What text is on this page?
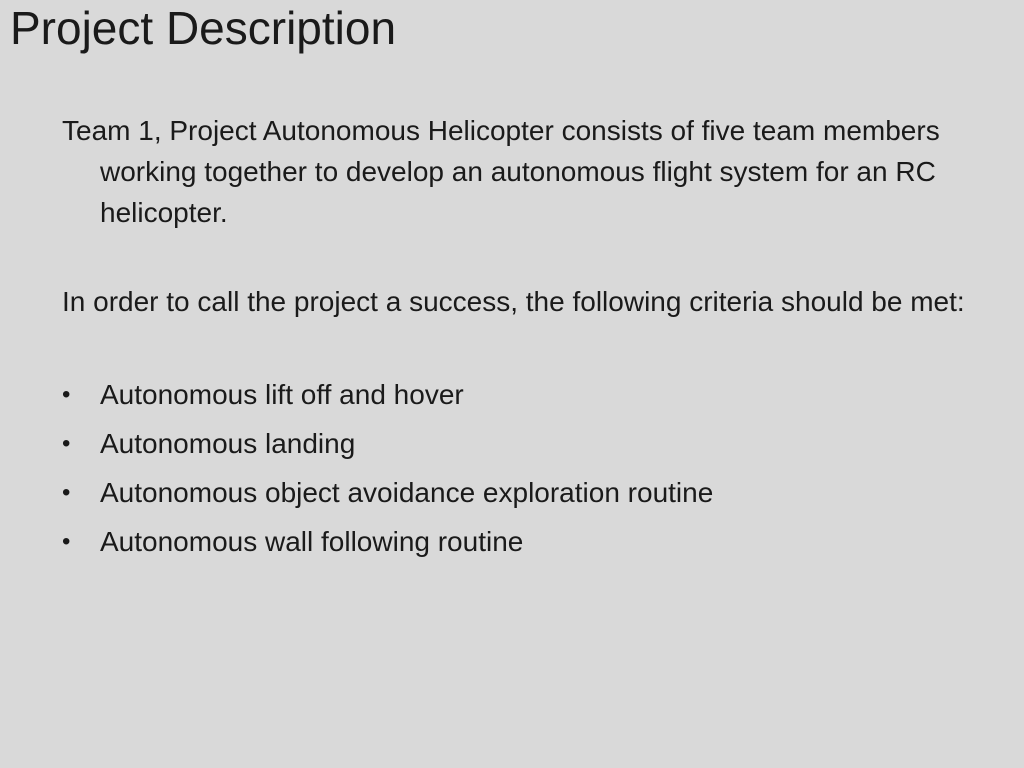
Project Description

Team 1, Project Autonomous Helicopter consists of five team members working together to develop an autonomous flight system for an RC helicopter.

In order to call the project a success, the following criteria should be met:

• Autonomous lift off and hover
• Autonomous landing
• Autonomous object avoidance exploration routine
• Autonomous wall following routine
